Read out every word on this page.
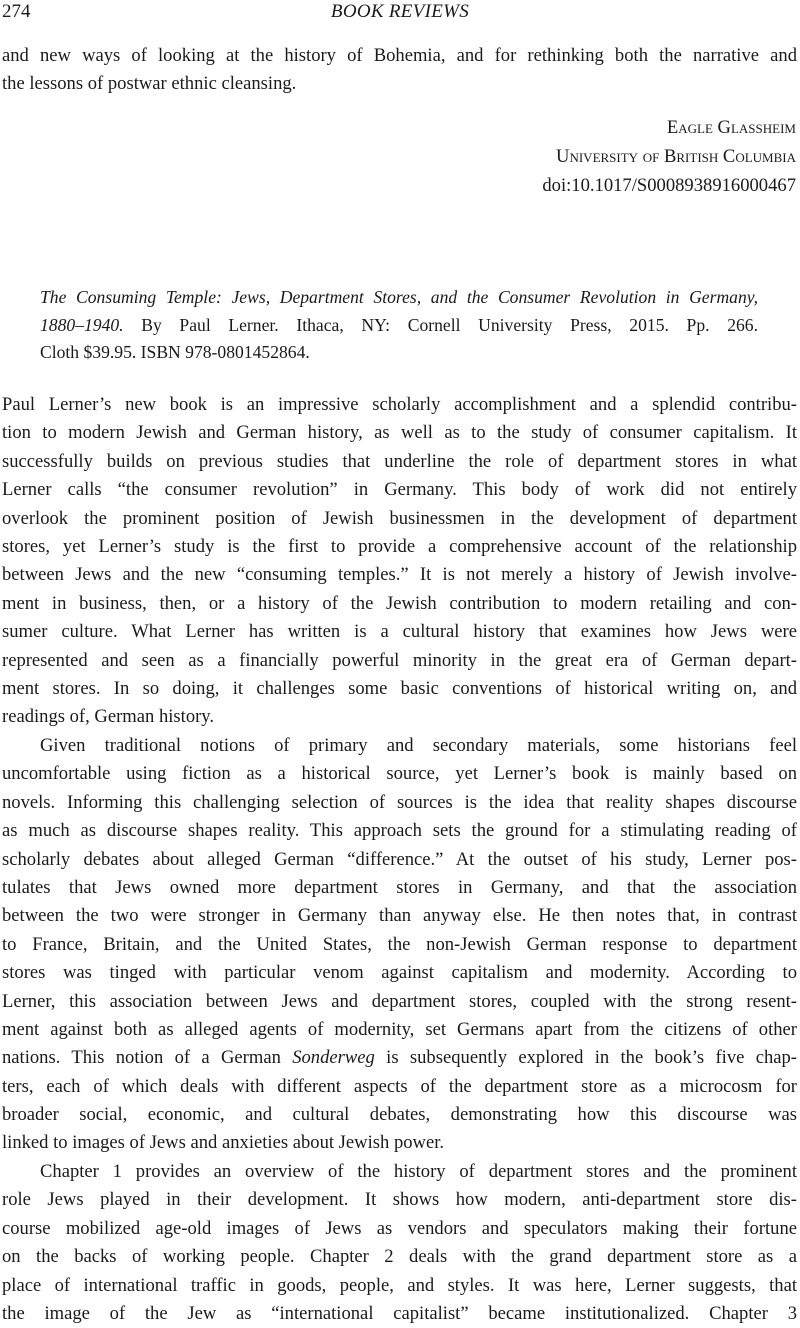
274	BOOK REVIEWS
and new ways of looking at the history of Bohemia, and for rethinking both the narrative and
the lessons of postwar ethnic cleansing.
Eagle Glassheim
University of British Columbia
doi:10.1017/S0008938916000467
The Consuming Temple: Jews, Department Stores, and the Consumer Revolution in Germany,
1880–1940. By Paul Lerner. Ithaca, NY: Cornell University Press, 2015. Pp. 266.
Cloth $39.95. ISBN 978-0801452864.
Paul Lerner’s new book is an impressive scholarly accomplishment and a splendid contribu-
tion to modern Jewish and German history, as well as to the study of consumer capitalism. It
successfully builds on previous studies that underline the role of department stores in what
Lerner calls “the consumer revolution” in Germany. This body of work did not entirely
overlook the prominent position of Jewish businessmen in the development of department
stores, yet Lerner’s study is the first to provide a comprehensive account of the relationship
between Jews and the new “consuming temples.” It is not merely a history of Jewish involve-
ment in business, then, or a history of the Jewish contribution to modern retailing and con-
sumer culture. What Lerner has written is a cultural history that examines how Jews were
represented and seen as a financially powerful minority in the great era of German depart-
ment stores. In so doing, it challenges some basic conventions of historical writing on, and
readings of, German history.
Given traditional notions of primary and secondary materials, some historians feel
uncomfortable using fiction as a historical source, yet Lerner’s book is mainly based on
novels. Informing this challenging selection of sources is the idea that reality shapes discourse
as much as discourse shapes reality. This approach sets the ground for a stimulating reading of
scholarly debates about alleged German “difference.” At the outset of his study, Lerner pos-
tulates that Jews owned more department stores in Germany, and that the association
between the two were stronger in Germany than anyway else. He then notes that, in contrast
to France, Britain, and the United States, the non-Jewish German response to department
stores was tinged with particular venom against capitalism and modernity. According to
Lerner, this association between Jews and department stores, coupled with the strong resent-
ment against both as alleged agents of modernity, set Germans apart from the citizens of other
nations. This notion of a German Sonderweg is subsequently explored in the book’s five chap-
ters, each of which deals with different aspects of the department store as a microcosm for
broader social, economic, and cultural debates, demonstrating how this discourse was
linked to images of Jews and anxieties about Jewish power.
Chapter 1 provides an overview of the history of department stores and the prominent
role Jews played in their development. It shows how modern, anti-department store dis-
course mobilized age-old images of Jews as vendors and speculators making their fortune
on the backs of working people. Chapter 2 deals with the grand department store as a
place of international traffic in goods, people, and styles. It was here, Lerner suggests, that
the image of the Jew as “international capitalist” became institutionalized. Chapter 3
